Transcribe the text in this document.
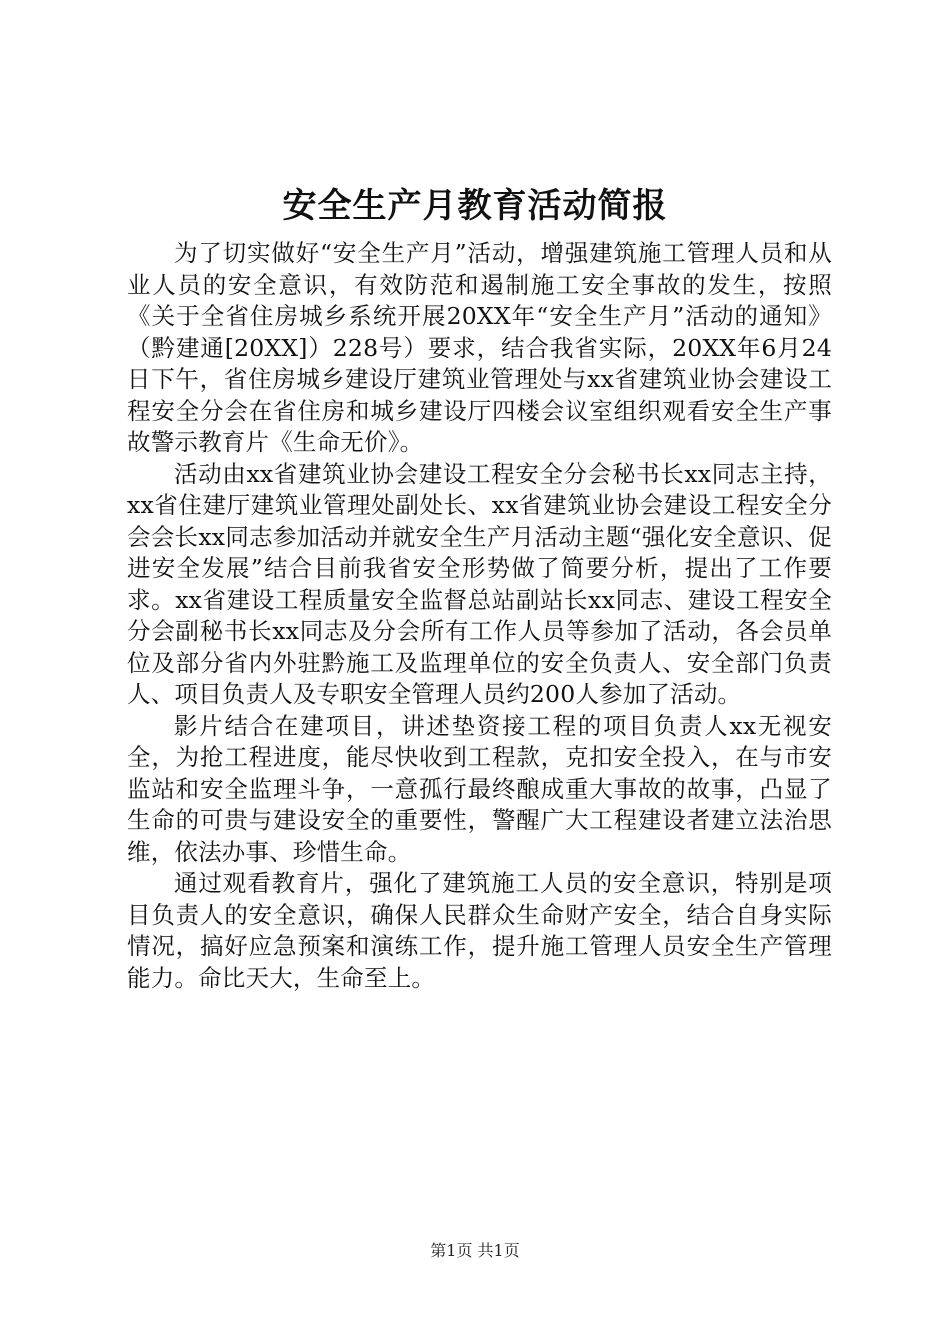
安全生产月教育活动简报

为了切实做好“安全生产月”活动，增强建筑施工管理人员和从业人员的安全意识，有效防范和遏制施工安全事故的发生，按照《关于全省住房城乡系统开展20XX年“安全生产月”活动的通知》（黔建通[20XX]）228号）要求，结合我省实际，20XX年6月24日下午，省住房城乡建设厅建筑业管理处与xx省建筑业协会建设工程安全分会在省住房和城乡建设厅四楼会议室组织观看安全生产事故警示教育片《生命无价》。

活动由xx省建筑业协会建设工程安全分会秘书长xx同志主持，xx省住建厅建筑业管理处副处长、xx省建筑业协会建设工程安全分会会长xx同志参加活动并就安全生产月活动主题“强化安全意识、促进安全发展”结合目前我省安全形势做了简要分析，提出了工作要求。xx省建设工程质量安全监督总站副站长xx同志、建设工程安全分会副秘书长xx同志及分会所有工作人员等参加了活动，各会员单位及部分省内外驻黔施工及监理单位的安全负责人、安全部门负责人、项目负责人及专职安全管理人员约200人参加了活动。

影片结合在建项目，讲述垫资接工程的项目负责人xx无视安全，为抢工程进度，能尽快收到工程款，克扣安全投入，在与市安监站和安全监理斗争，一意孤行最终酿成重大事故的故事，凸显了生命的可贵与建设安全的重要性，警醒广大工程建设者建立法治思维，依法办事、珍惜生命。

通过观看教育片，强化了建筑施工人员的安全意识，特别是项目负责人的安全意识，确保人民群众生命财产安全，结合自身实际情况，搞好应急预案和演练工作，提升施工管理人员安全生产管理能力。命比天大，生命至上。

第1页 共1页
